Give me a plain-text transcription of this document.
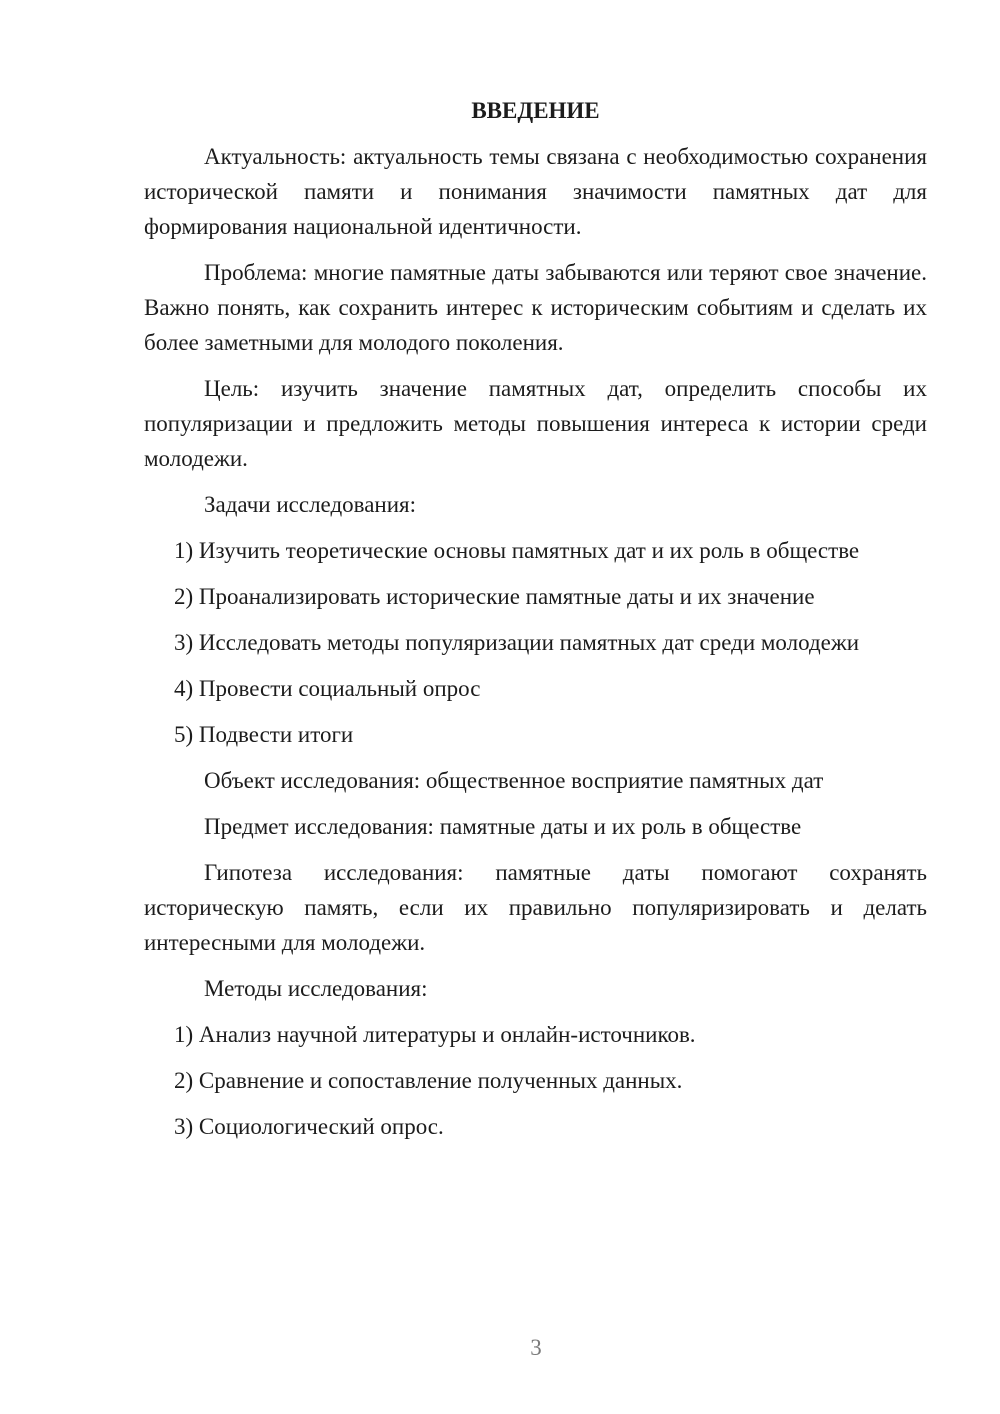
ВВЕДЕНИЕ
Актуальность: актуальность темы связана с необходимостью сохранения исторической памяти и понимания значимости памятных дат для формирования национальной идентичности.
Проблема: многие памятные даты забываются или теряют свое значение. Важно понять, как сохранить интерес к историческим событиям и сделать их более заметными для молодого поколения.
Цель: изучить значение памятных дат, определить способы их популяризации и предложить методы повышения интереса к истории среди молодежи.
Задачи исследования:
1) Изучить теоретические основы памятных дат и их роль в обществе
2) Проанализировать исторические памятные даты и их значение
3) Исследовать методы популяризации памятных дат среди молодежи
4) Провести социальный опрос
5) Подвести итоги
Объект исследования: общественное восприятие памятных дат
Предмет исследования: памятные даты и их роль в обществе
Гипотеза исследования: памятные даты помогают сохранять историческую память, если их правильно популяризировать и делать интересными для молодежи.
Методы исследования:
1) Анализ научной литературы и онлайн-источников.
2) Сравнение и сопоставление полученных данных.
3) Социологический опрос.
3
